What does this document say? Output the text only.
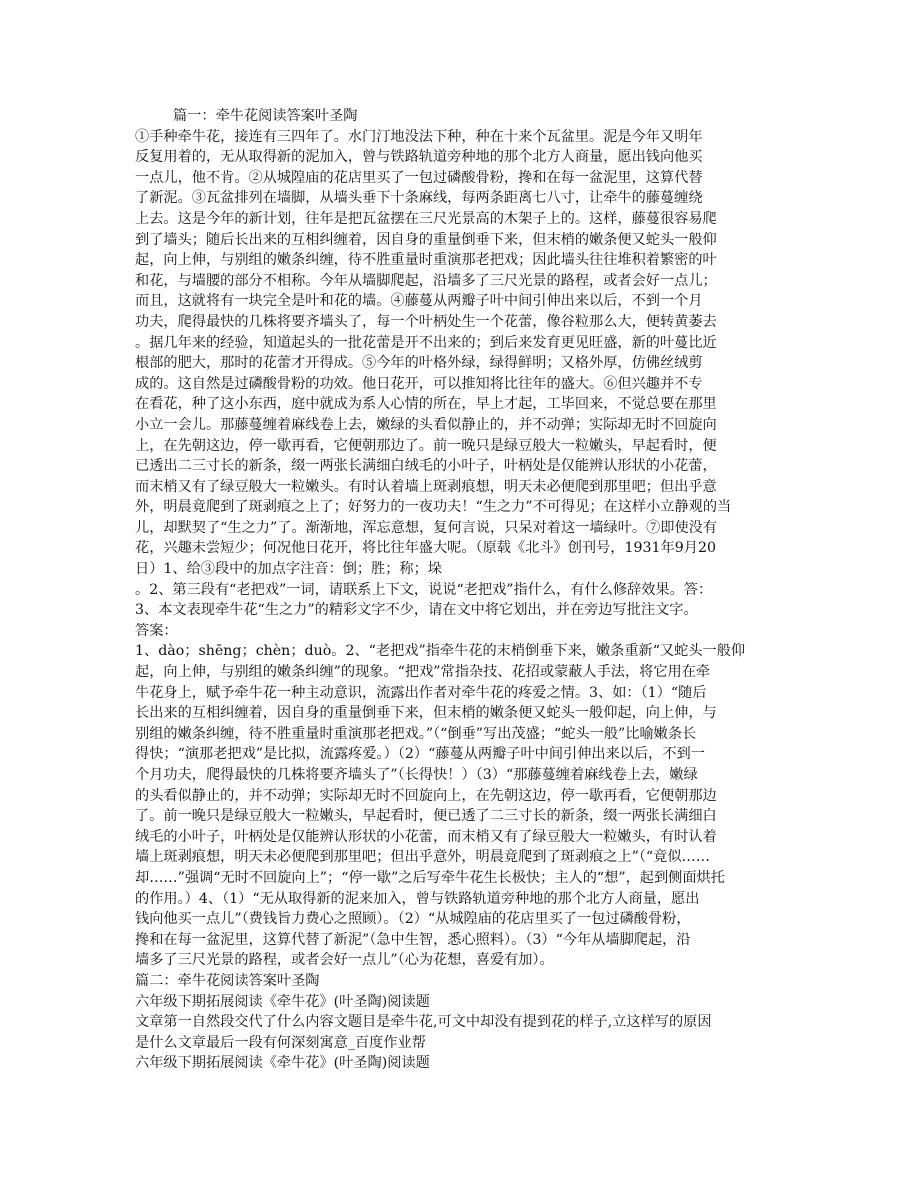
篇一：牵牛花阅读答案叶圣陶
①手种牵牛花，接连有三四年了。水门汀地没法下种，种在十来个瓦盆里。泥是今年又明年
反复用着的，无从取得新的泥加入，曾与铁路轨道旁种地的那个北方人商量，愿出钱向他买
一点儿，他不肯。②从城隍庙的花店里买了一包过磷酸骨粉，搀和在每一盆泥里，这算代替
了新泥。③瓦盆排列在墙脚，从墙头垂下十条麻线，每两条距离七八寸，让牵牛的藤蔓缠绕
上去。这是今年的新计划，往年是把瓦盆摆在三尺光景高的木架子上的。这样，藤蔓很容易爬
到了墙头；随后长出来的互相纠缠着，因自身的重量倒垂下来，但末梢的嫩条便又蛇头一般仰
起，向上伸，与别组的嫩条纠缠，待不胜重量时重演那老把戏；因此墙头往往堆积着繁密的叶
和花，与墙腰的部分不相称。今年从墙脚爬起，沿墙多了三尺光景的路程，或者会好一点儿；
而且，这就将有一块完全是叶和花的墙。④藤蔓从两瓣子叶中间引伸出来以后，不到一个月
功夫，爬得最快的几株将要齐墙头了，每一个叶柄处生一个花蕾，像谷粒那么大，便转黄萎去
。据几年来的经验，知道起头的一批花蕾是开不出来的；到后来发育更见旺盛，新的叶蔓比近
根部的肥大，那时的花蕾才开得成。⑤今年的叶格外绿，绿得鲜明；又格外厚，仿佛丝绒剪
成的。这自然是过磷酸骨粉的功效。他日花开，可以推知将比往年的盛大。⑥但兴趣并不专
在看花，种了这小东西，庭中就成为系人心情的所在，早上才起，工毕回来，不觉总要在那里
小立一会儿。那藤蔓缠着麻线卷上去，嫩绿的头看似静止的，并不动弹；实际却无时不回旋向
上，在先朝这边，停一歇再看，它便朝那边了。前一晚只是绿豆般大一粒嫩头，早起看时，便
已透出二三寸长的新条，缀一两张长满细白绒毛的小叶子，叶柄处是仅能辨认形状的小花蕾，
而末梢又有了绿豆般大一粒嫩头。有时认着墙上斑剥痕想，明天未必便爬到那里吧；但出乎意
外，明晨竟爬到了斑剥痕之上了；好努力的一夜功夫！“生之力”不可得见；在这样小立静观的当
儿，却默契了“生之力”了。渐渐地，浑忘意想，复何言说，只呆对着这一墙绿叶。⑦即使没有
花，兴趣未尝短少；何况他日花开，将比往年盛大呢。（原载《北斗》创刊号，1931年9月20
日）1、给③段中的加点字注音：倒；胜；称；垛
。2、第三段有“老把戏”一词，请联系上下文，说说“老把戏”指什么，有什么修辞效果。答：
3、本文表现牵牛花“生之力”的精彩文字不少，请在文中将它划出，并在旁边写批注文字。
答案：
1、dào；shēng；chèn；duò。2、“老把戏”指牵牛花的末梢倒垂下来，嫩条重新“又蛇头一般仰
起，向上伸，与别组的嫩条纠缠”的现象。“把戏”常指杂技、花招或蒙蔽人手法，将它用在牵
牛花身上，赋予牵牛花一种主动意识，流露出作者对牵牛花的疼爱之情。3、如：（1）“随后
长出来的互相纠缠着，因自身的重量倒垂下来，但末梢的嫩条便又蛇头一般仰起，向上伸，与
别组的嫩条纠缠，待不胜重量时重演那老把戏。”（“倒垂”写出茂盛；“蛇头一般”比喻嫩条长
得快；“演那老把戏”是比拟，流露疼爱。）（2）“藤蔓从两瓣子叶中间引伸出来以后，不到一
个月功夫，爬得最快的几株将要齐墙头了”（长得快！）（3）“那藤蔓缠着麻线卷上去，嫩绿
的头看似静止的，并不动弹；实际却无时不回旋向上，在先朝这边，停一歇再看，它便朝那边
了。前一晚只是绿豆般大一粒嫩头，早起看时，便已透了二三寸长的新条，缀一两张长满细白
绒毛的小叶子，叶柄处是仅能辨认形状的小花蕾，而末梢又有了绿豆般大一粒嫩头，有时认着
墙上斑剥痕想，明天未必便爬到那里吧；但出乎意外，明晨竟爬到了斑剥痕之上”（“竟似……
却……”强调“无时不回旋向上”；“停一歇”之后写牵牛花生长极快；主人的“想”，起到侧面烘托
的作用。）4、（1）“无从取得新的泥来加入，曾与铁路轨道旁种地的那个北方人商量，愿出
钱向他买一点儿”（费钱旨力费心之照顾）。（2）“从城隍庙的花店里买了一包过磷酸骨粉，
搀和在每一盆泥里，这算代替了新泥”（急中生智，悉心照料）。（3）“今年从墙脚爬起，沿
墙多了三尺光景的路程，或者会好一点儿”（心为花想，喜爱有加）。
篇二：牵牛花阅读答案叶圣陶
六年级下期拓展阅读《牵牛花》(叶圣陶)阅读题
文章第一自然段交代了什么内容文题目是牵牛花,可文中却没有提到花的样子,立这样写的原因
是什么文章最后一段有何深刻寓意_百度作业帮
六年级下期拓展阅读《牵牛花》(叶圣陶)阅读题
